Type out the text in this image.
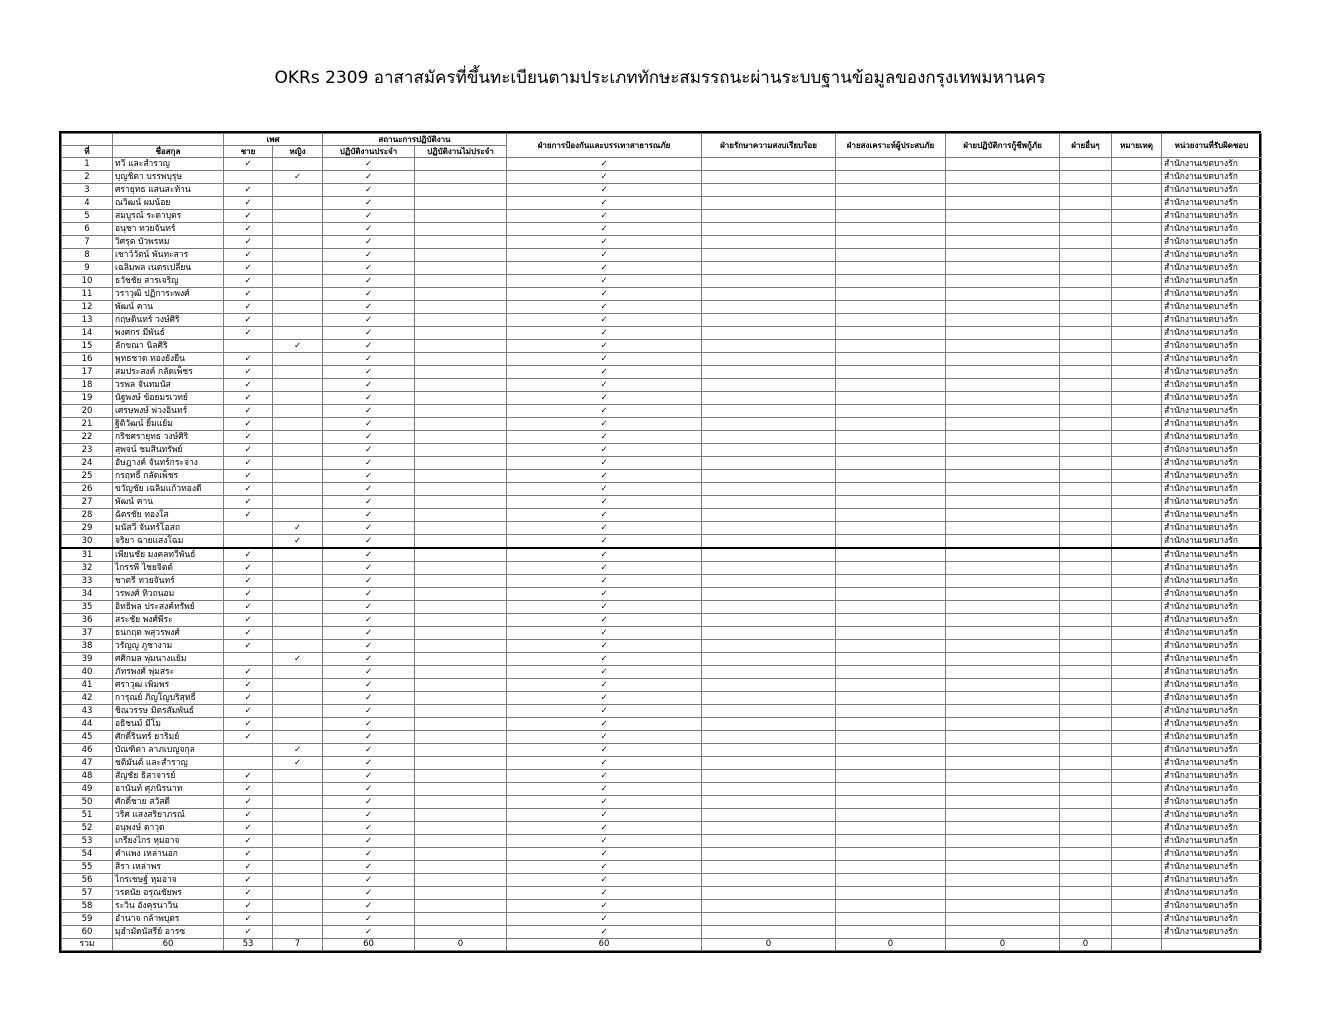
OKRs 2309 อาสาสมัครที่ขึ้นทะเบียนตามประเภททักษะสมรรถนะผ่านระบบฐานข้อมูลของกรุงเทพมหานคร
		เพศ		สถานะการปฏิบัติงาน		ฝ่ายการป้องกันและบรรเทาสาธารณภัย	ฝ่ายรักษาความสงบเรียบร้อย	ฝ่ายสงเคราะห์ผู้ประสบภัย	ฝ่ายปฏิบัติการกู้ชีพกู้ภัย	ฝ่ายอื่นๆ	หมายเหตุ	หน่วยงานที่รับผิดชอบ
ที่	ชื่อสกุล	ชาย	หญิง	ปฏิบัติงานประจำ	ปฏิบัติงานไม่ประจำ							
1	ทวี และสำราญ	✓		✓		✓						สำนักงานเขตบางรัก
2	บุญชิตา บรรพบุรุษ		✓	✓		✓						สำนักงานเขตบางรัก
3	ศรายุทธ แสนสะท้าน	✓		✓		✓						สำนักงานเขตบางรัก
4	ณวิฒน์ ผมน้อย	✓		✓		✓						สำนักงานเขตบางรัก
5	สมบูรณ์ ระดาบุตร	✓		✓		✓						สำนักงานเขตบางรัก
6	อนุชา ทวยจันทร์	✓		✓		✓						สำนักงานเขตบางรัก
7	วิศรุต บัวพรหม	✓		✓		✓						สำนักงานเขตบางรัก
8	เชาว์วัตน์ พันทะสาร	✓		✓		✓						สำนักงานเขตบางรัก
9	เฉลิมพล เนตรเปลี่ยน	✓		✓		✓						สำนักงานเขตบางรัก
10	ธวัชชัย สารเจริญ	✓		✓		✓						สำนักงานเขตบางรัก
11	วราวุฒิ ปฏิการะพงศ์	✓		✓		✓						สำนักงานเขตบางรัก
12	พัฒน์ คาน	✓		✓		✓						สำนักงานเขตบางรัก
13	กฤษดินทร์ วงษ์ศิริ	✓		✓		✓						สำนักงานเขตบางรัก
14	พงศกร มีพันธ์	✓		✓		✓						สำนักงานเขตบางรัก
15	ลักขณา นิลศิริ		✓	✓		✓						สำนักงานเขตบางรัก
16	พุทธชาด ทองยั่งยืน	✓		✓		✓						สำนักงานเขตบางรัก
17	สมประสงค์ กลัดเพ็ชร	✓		✓		✓						สำนักงานเขตบางรัก
18	วรพล จันทมนัส	✓		✓		✓						สำนักงานเขตบางรัก
19	นัฐพงษ์ ข้อยมรเวทย์	✓		✓		✓						สำนักงานเขตบางรัก
20	เศรษพงษ์ พ่วงอินทร์	✓		✓		✓						สำนักงานเขตบางรัก
21	ฐิติวัฒน์ ยิ้มแย้ม	✓		✓		✓						สำนักงานเขตบางรัก
22	กริชศรายุทธ วงษ์ศิริ	✓		✓		✓						สำนักงานเขตบางรัก
23	สุพจน์ ชมสินทรัพย์	✓		✓		✓						สำนักงานเขตบางรัก
24	อัษฎางค์ จันทร์กระจ่าง	✓		✓		✓						สำนักงานเขตบางรัก
25	กรฤทธิ์ กลัดเพ็ชร	✓		✓		✓						สำนักงานเขตบางรัก
26	ขวัญชัย เฉลิมแก้วทองดี	✓		✓		✓						สำนักงานเขตบางรัก
27	พัฒน์ คาน	✓		✓		✓						สำนักงานเขตบางรัก
28	ฉัตรชัย ทองใส	✓		✓		✓						สำนักงานเขตบางรัก
29	มนัสวี จันทร์โอสถ		✓	✓		✓						สำนักงานเขตบางรัก
30	จริยา ฉายแสงโฉม		✓	✓		✓						สำนักงานเขตบางรัก
31	เพียนชัย มงคลทวีพันธ์	✓		✓		✓						สำนักงานเขตบางรัก
32	ไกรรพี ไชยจิตต์	✓		✓		✓						สำนักงานเขตบางรัก
33	ชาตรี ทวยจันทร์	✓		✓		✓						สำนักงานเขตบางรัก
34	วรพงศ์ ทิวถนอม	✓		✓		✓						สำนักงานเขตบางรัก
35	อิทธิพล ประสงค์ทรัพย์	✓		✓		✓						สำนักงานเขตบางรัก
36	สระชัย พงศ์พีระ	✓		✓		✓						สำนักงานเขตบางรัก
37	ธนกฤต พสุวรพงศ์	✓		✓		✓						สำนักงานเขตบางรัก
38	วรัญญู ภูชางาม	✓		✓		✓						สำนักงานเขตบางรัก
39	ศศิกมล พุ่มนางแย้ม		✓	✓		✓						สำนักงานเขตบางรัก
40	ภัทรพงศ์ พุ่มสระ	✓		✓		✓						สำนักงานเขตบางรัก
41	ศราวุฒ เพิ่มพร	✓		✓		✓						สำนักงานเขตบางรัก
42	การุณย์ ภิญโญบริสุทธิ์	✓		✓		✓						สำนักงานเขตบางรัก
43	ชิณวรรษ มิตรสัมพันธ์	✓		✓		✓						สำนักงานเขตบางรัก
44	อธิชนม์ มีโม	✓		✓		✓						สำนักงานเขตบางรัก
45	ศักดิ์รินทร์ ยาริมย์	✓		✓		✓						สำนักงานเขตบางรัก
46	บัณฑิตา ลาภเบญจกุล		✓	✓		✓						สำนักงานเขตบางรัก
47	ชติมันต์ และสำราญ		✓	✓		✓						สำนักงานเขตบางรัก
48	สัญชัย ธิสาจารย์	✓		✓		✓						สำนักงานเขตบางรัก
49	อานันท์ ศุภนิรนาท	✓		✓		✓						สำนักงานเขตบางรัก
50	ศักดิ์ชาย สวัสดี	✓		✓		✓						สำนักงานเขตบางรัก
51	วริศ แสงสริยาภรณ์	✓		✓		✓						สำนักงานเขตบางรัก
52	อนุพงษ์ ดาวุด	✓		✓		✓						สำนักงานเขตบางรัก
53	เกรียงไกร หุมอาจ	✓		✓		✓						สำนักงานเขตบางรัก
54	คำแพง เหล่านอก	✓		✓		✓						สำนักงานเขตบางรัก
55	สิรา เหล่าพร	✓		✓		✓						สำนักงานเขตบางรัก
56	ไกรเชษฐ์ หุมอาจ	✓		✓		✓						สำนักงานเขตบางรัก
57	วรดนัย อรุณชัยพร	✓		✓		✓						สำนักงานเขตบางรัก
58	ระวิน อังคุรนาวิน	✓		✓		✓						สำนักงานเขตบางรัก
59	อำนาจ กล้าพบุตร	✓		✓		✓						สำนักงานเขตบางรัก
60	มุฮำมัดนัสรีย์ อารซ	✓		✓		✓						สำนักงานเขตบางรัก
รวม	60	53	7	60	0	60	0	0	0	0		
